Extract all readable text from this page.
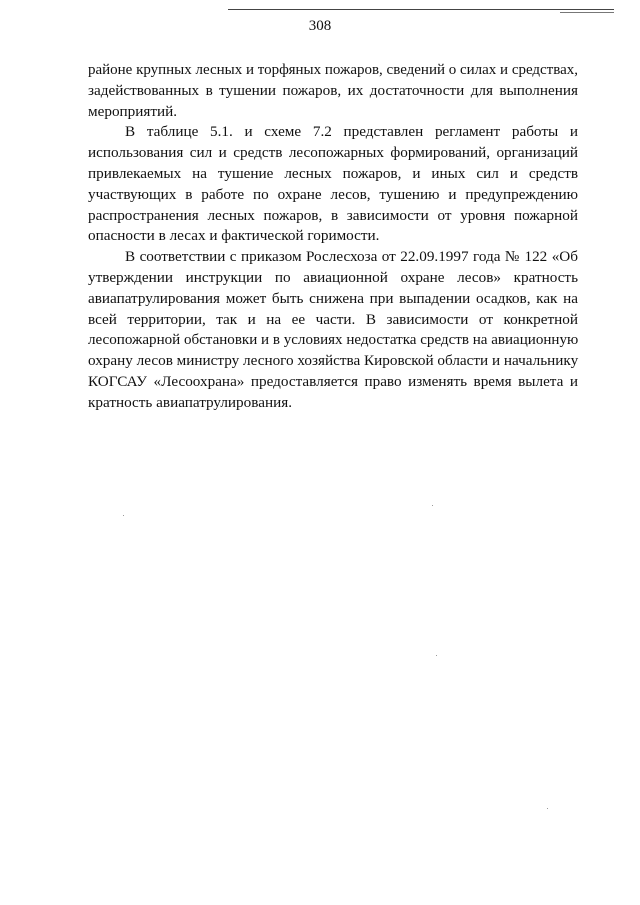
308

районе крупных лесных и торфяных пожаров, сведений о силах и средствах,
задействованных в тушении пожаров, их достаточности для выполнения
мероприятий.

В таблице 5.1. и схеме 7.2 представлен регламент работы и
использования сил и средств лесопожарных формирований, организаций
привлекаемых на тушение лесных пожаров, и иных сил и средств
участвующих в работе по охране лесов, тушению и предупреждению
распространения лесных пожаров, в зависимости от уровня пожарной
опасности в лесах и фактической горимости.

В соответствии с приказом Рослесхоза от 22.09.1997 года № 122 «Об
утверждении инструкции по авиационной охране лесов» кратность
авиапатрулирования может быть снижена при выпадении осадков, как на
всей территории, так и на ее части. В зависимости от конкретной
лесопожарной обстановки и в условиях недостатка средств на авиационную
охрану лесов министру лесного хозяйства Кировской области и начальнику
КОГСАУ «Лесоохрана» предоставляется право изменять время вылета и
кратность авиапатрулирования.
